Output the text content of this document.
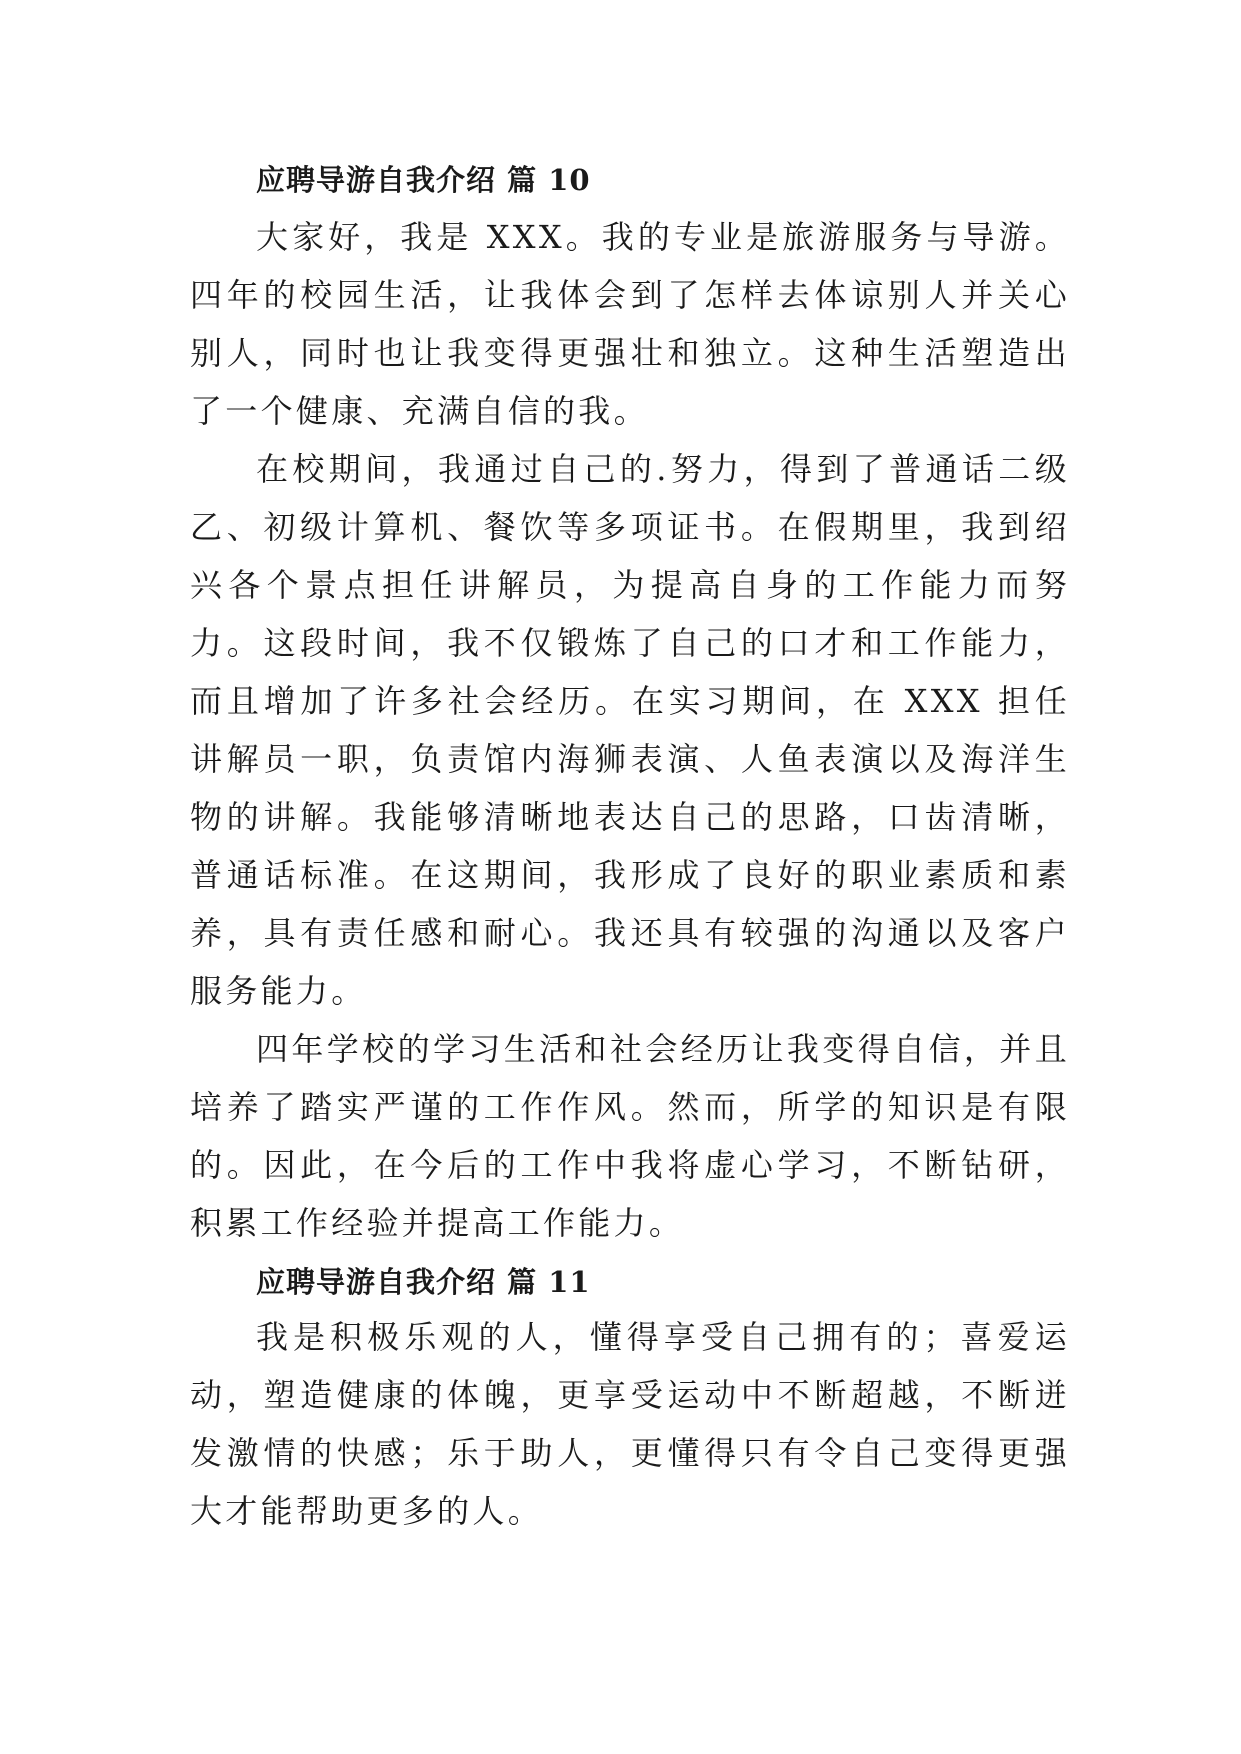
应聘导游自我介绍 篇 10

大家好，我是 XXX。我的专业是旅游服务与导游。四年的校园生活，让我体会到了怎样去体谅别人并关心别人，同时也让我变得更强壮和独立。这种生活塑造出了一个健康、充满自信的我。

在校期间，我通过自己的.努力，得到了普通话二级乙、初级计算机、餐饮等多项证书。在假期里，我到绍兴各个景点担任讲解员，为提高自身的工作能力而努力。这段时间，我不仅锻炼了自己的口才和工作能力，而且增加了许多社会经历。在实习期间，在 XXX 担任讲解员一职，负责馆内海狮表演、人鱼表演以及海洋生物的讲解。我能够清晰地表达自己的思路，口齿清晰，普通话标准。在这期间，我形成了良好的职业素质和素养，具有责任感和耐心。我还具有较强的沟通以及客户服务能力。

四年学校的学习生活和社会经历让我变得自信，并且培养了踏实严谨的工作作风。然而，所学的知识是有限的。因此，在今后的工作中我将虚心学习，不断钻研，积累工作经验并提高工作能力。

应聘导游自我介绍 篇 11

我是积极乐观的人，懂得享受自己拥有的；喜爱运动，塑造健康的体魄，更享受运动中不断超越，不断迸发激情的快感；乐于助人，更懂得只有令自己变得更强大才能帮助更多的人。
